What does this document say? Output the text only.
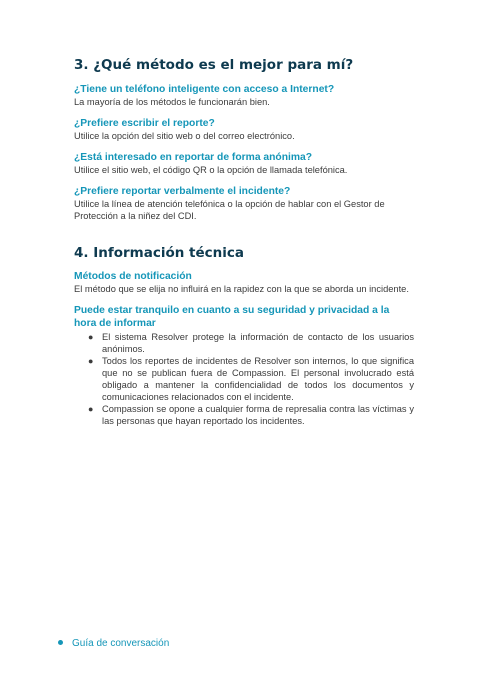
3. ¿Qué método es el mejor para mí?

¿Tiene un teléfono inteligente con acceso a Internet?

La mayoría de los métodos le funcionarán bien.

¿Prefiere escribir el reporte?

Utilice la opción del sitio web o del correo electrónico.

¿Está interesado en reportar de forma anónima?

Utilice el sitio web, el código QR o la opción de llamada telefónica.

¿Prefiere reportar verbalmente el incidente?

Utilice la línea de atención telefónica o la opción de hablar con el Gestor de Protección a la niñez del CDI.

4. Información técnica

Métodos de notificación

El método que se elija no influirá en la rapidez con la que se aborda un incidente.

Puede estar tranquilo en cuanto a su seguridad y privacidad a la hora de informar

● El sistema Resolver protege la información de contacto de los usuarios anónimos.
● Todos los reportes de incidentes de Resolver son internos, lo que significa que no se publican fuera de Compassion. El personal involucrado está obligado a mantener la confidencialidad de todos los documentos y comunicaciones relacionados con el incidente.
● Compassion se opone a cualquier forma de represalia contra las víctimas y las personas que hayan reportado los incidentes.
Guía de conversación
